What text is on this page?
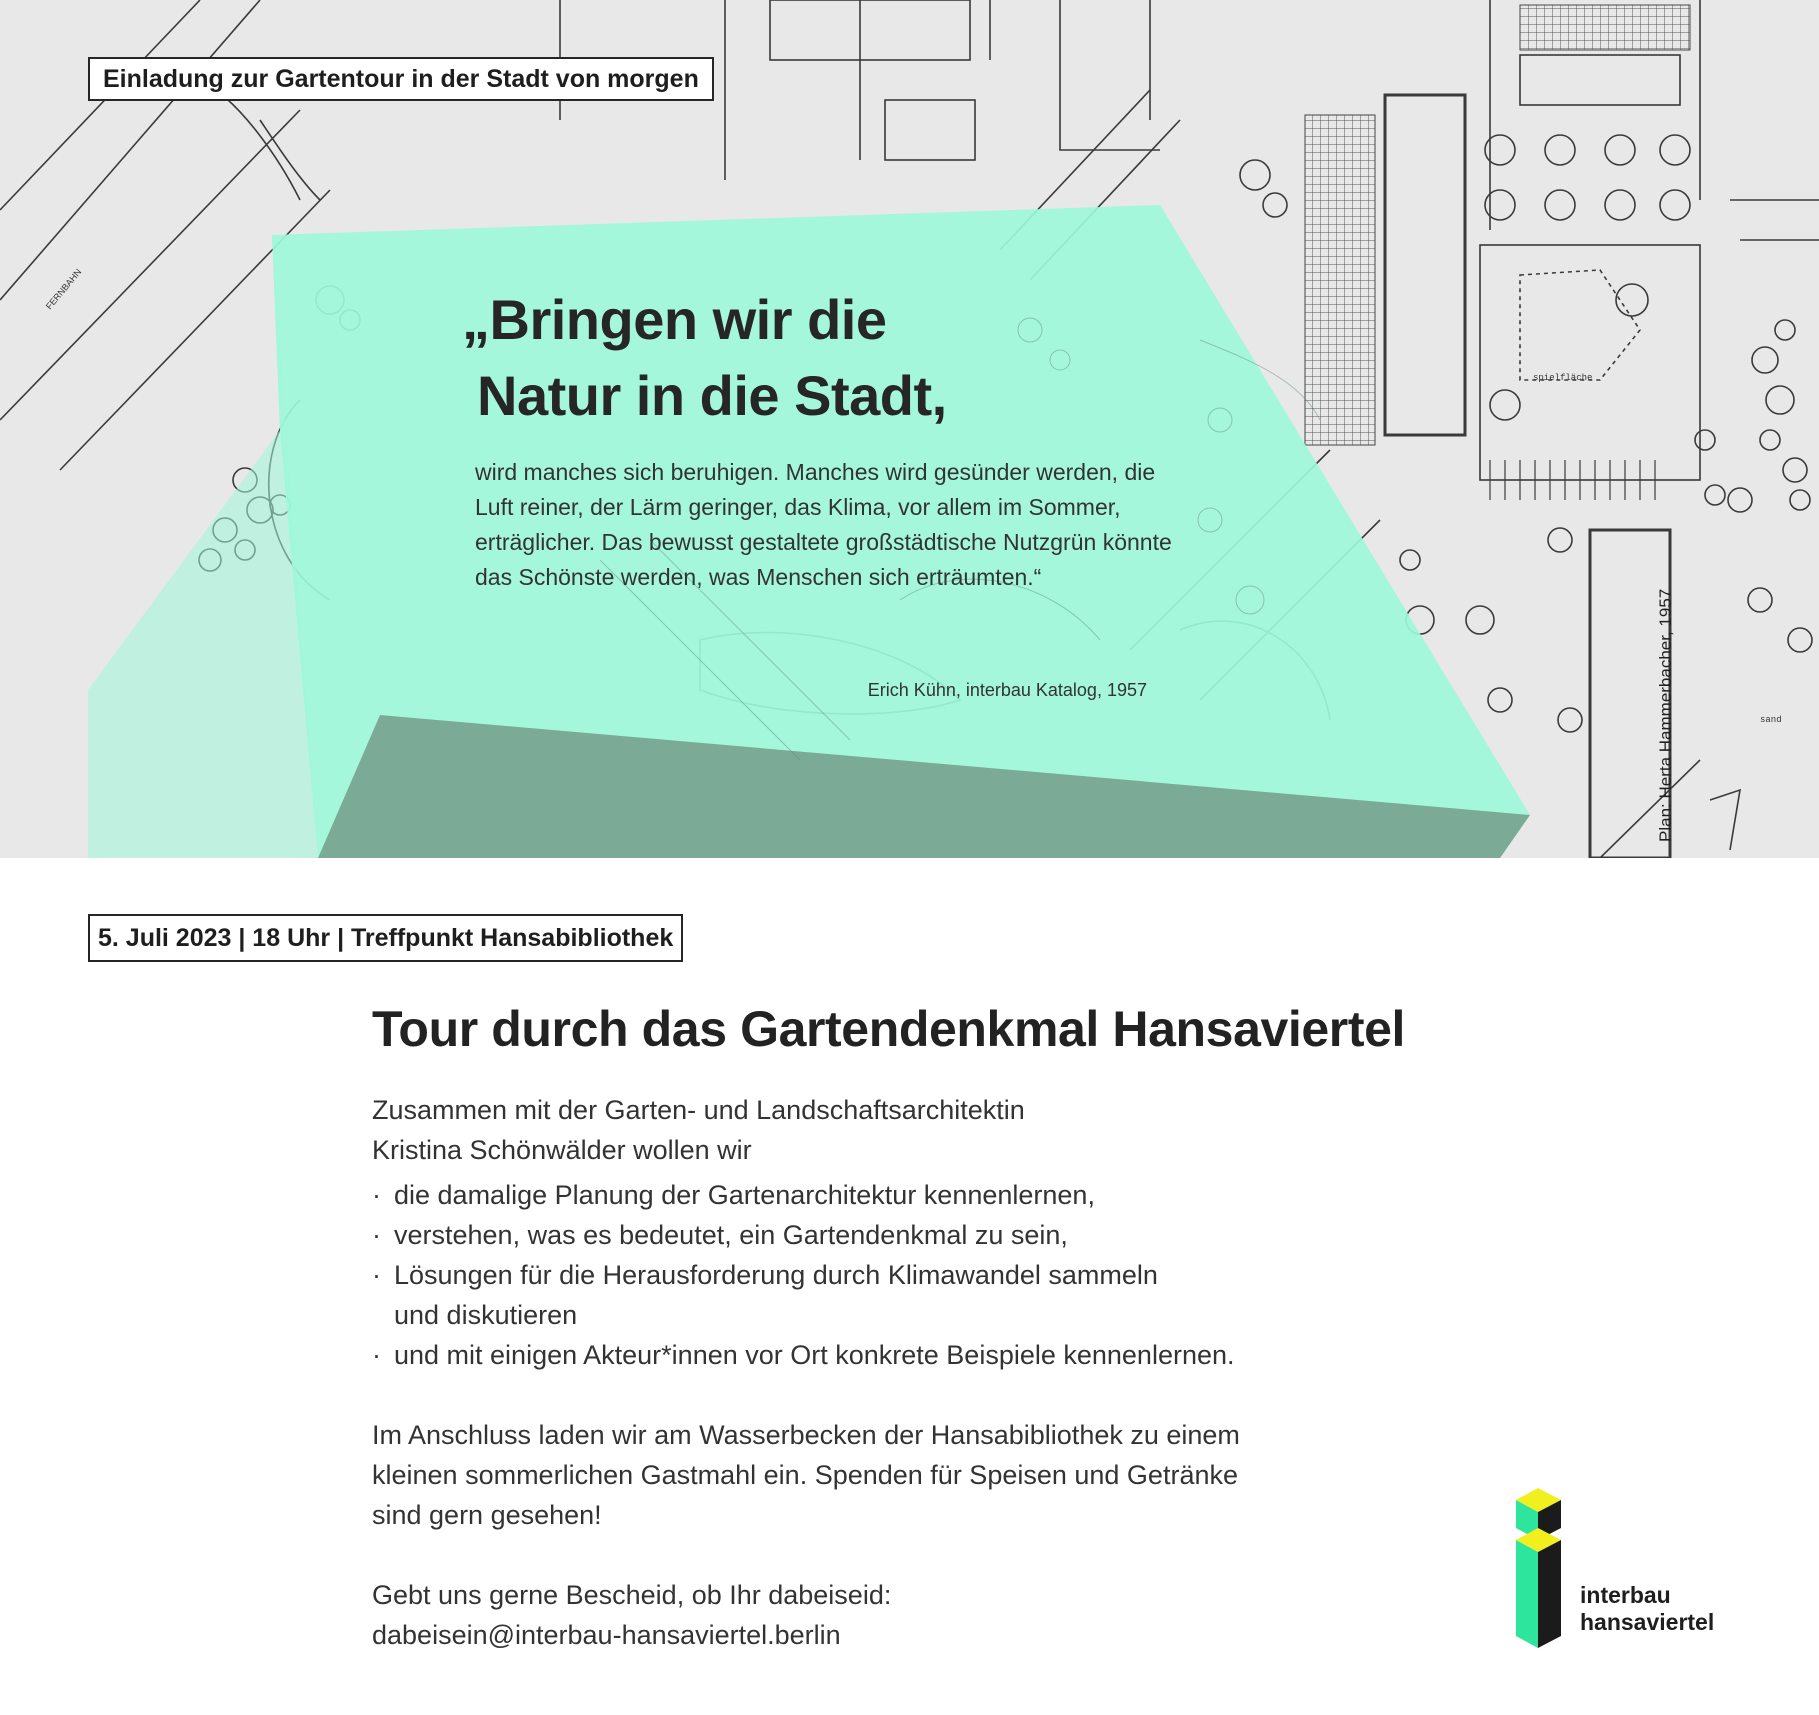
FERNBAHN
spielfläche
sand
Einladung zur Gartentour in der Stadt von morgen
„Bringen wir die
Natur in die Stadt,
wird manches sich beruhigen. Manches wird gesünder werden, die Luft reiner, der Lärm geringer, das Klima, vor allem im Sommer, erträglicher. Das bewusst gestaltete großstädtische Nutzgrün könnte das Schönste werden, was Menschen sich erträumten.“
Erich Kühn, interbau Katalog, 1957	Plan: Herta Hammerbacher, 1957
5. Juli 2023 | 18 Uhr | Treffpunkt Hansabibliothek
Tour durch das Gartendenkmal Hansaviertel

Zusammen mit der Garten- und Landschaftsarchitektin

Kristina Schönwälder wollen wir

· die damalige Planung der Gartenarchitektur kennenlernen,
· verstehen, was es bedeutet, ein Gartendenkmal zu sein,
· Lösungen für die Herausforderung durch Klimawandel sammeln
und diskutieren
· und mit einigen Akteur*innen vor Ort konkrete Beispiele kennenlernen.

Im Anschluss laden wir am Wasserbecken der Hansabibliothek zu einem

kleinen sommerlichen Gastmahl ein. Spenden für Speisen und Getränke

sind gern gesehen!

Gebt uns gerne Bescheid, ob Ihr dabeiseid:

dabeisein@interbau-hansaviertel.berlin

interbau
hansaviertel
